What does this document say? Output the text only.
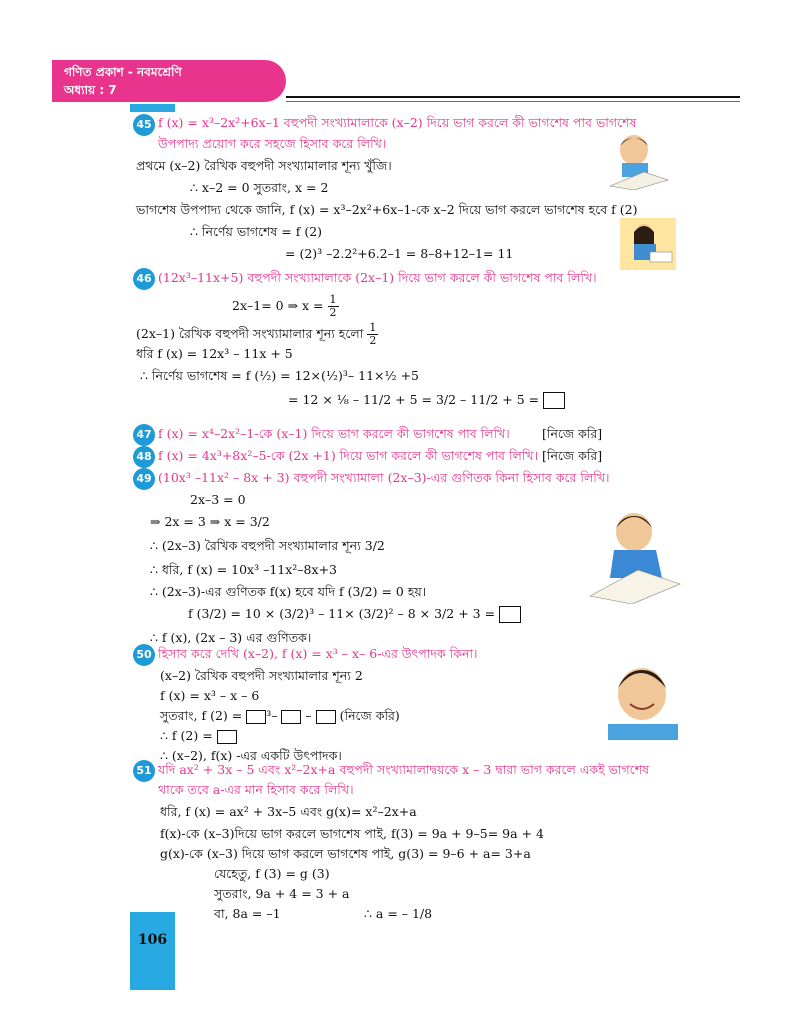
গণিত প্রকাশ - নবমশ্রেণি
অধ্যায় : 7
106
45 f (x) = x³–2x²+6x–1 বহুপদী সংখ্যামালাকে (x–2) দিয়ে ভাগ করলে কী ভাগশেষ পাব ভাগশেষ
উপপাদ্য প্রয়োগ করে সহজে হিসাব করে লিখি।
প্রথমে (x–2) রৈখিক বহুপদী সংখ্যামালার শূন্য খুঁজি।
∴ x–2 = 0 সুতরাং, x = 2
ভাগশেষ উপপাদ্য থেকে জানি, f (x) = x³–2x²+6x–1-কে x–2 দিয়ে ভাগ করলে ভাগশেষ হবে f (2)
∴ নির্ণেয় ভাগশেষ = f (2)
= (2)³ –2.2²+6.2–1 = 8–8+12–1= 11
46 (12x³–11x+5) বহুপদী সংখ্যামালাকে (2x–1) দিয়ে ভাগ করলে কী ভাগশেষ পাব লিখি।
2x–1= 0 ⇒ $x = \frac{1}{2}$
(2x–1) রৈখিক বহুপদী সংখ্যামালার শূন্য হলো $\frac{1}{2}$
ধরি f (x) = 12x³ – 11x + 5
∴ নির্ণেয় ভাগশেষ = f (½) = 12×(½)³– 11×½ +5
= 12 × ⅛ – 11/2 + 5 = 3/2 – 11/2 + 5 =
47 f (x) = x⁴–2x²–1-কে (x–1) দিয়ে ভাগ করলে কী ভাগশেষ পাব লিখি।	[নিজে করি]
48 f (x) = 4x³+8x²–5-কে (2x +1) দিয়ে ভাগ করলে কী ভাগশেষ পাব লিখি। [নিজে করি]
49 (10x³ –11x² – 8x + 3) বহুপদী সংখ্যামালা (2x–3)-এর গুণিতক কিনা হিসাব করে লিখি।
2x–3 = 0
⇒ 2x = 3 ⇒ x = 3/2
∴ (2x–3) রৈখিক বহুপদী সংখ্যামালার শূন্য 3/2
∴ ধরি, f (x) = 10x³ –11x²–8x+3
∴ (2x–3)-এর গুণিতক f(x) হবে যদি f (3/2) = 0 হয়।
f (3/2) = 10 × (3/2)³ – 11× (3/2)² – 8 × 3/2 + 3 =
∴ f (x), (2x – 3) এর গুণিতক।
50 হিসাব করে দেখি (x–2), f (x) = x³ – x– 6-এর উৎপাদক কিনা।
(x–2) রৈখিক বহুপদী সংখ্যামালার শূন্য 2
f (x) = x³ – x – 6
সুতরাং, f (2) = ³–  –  (নিজে করি)
∴ f (2) =
∴ (x–2), f(x) -এর একটি উৎপাদক।
51 যদি ax² + 3x – 5 এবং x²–2x+a বহুপদী সংখ্যামালাদ্বয়কে x – 3 দ্বারা ভাগ করলে একই ভাগশেষ
থাকে তবে a-এর মান হিসাব করে লিখি।
ধরি, f (x) = ax² + 3x–5 এবং g(x)= x²–2x+a
f(x)-কে (x–3)দিয়ে ভাগ করলে ভাগশেষ পাই, f(3) = 9a + 9–5= 9a + 4
g(x)-কে (x–3) দিয়ে ভাগ করলে ভাগশেষ পাই, g(3) = 9–6 + a= 3+a
যেহেতু, f (3) = g (3)
সুতরাং, 9a + 4 = 3 + a
বা, 8a = –1	∴ a = – 1/8
